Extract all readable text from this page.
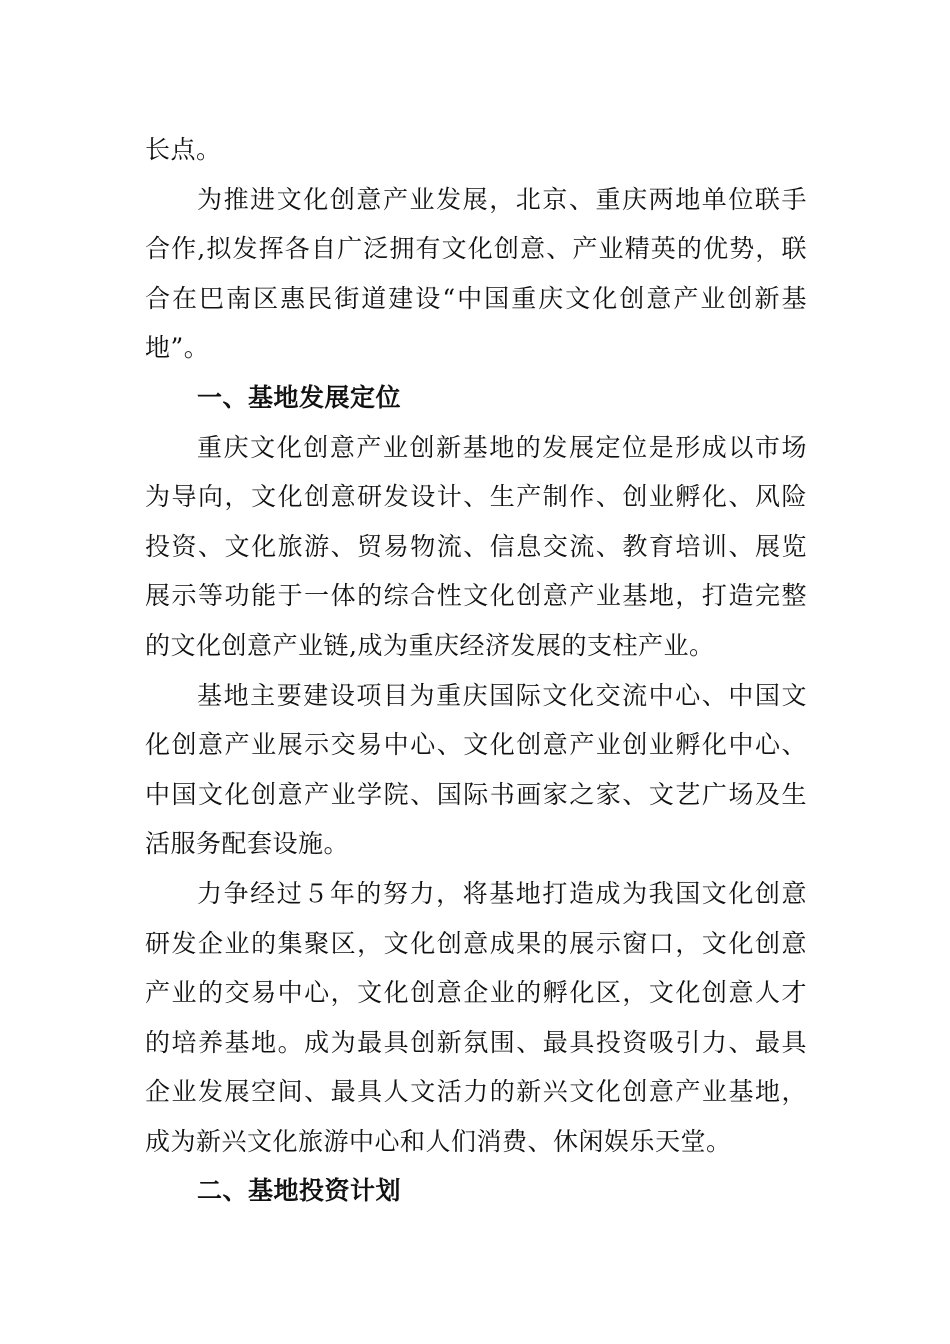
长点。

为推进文化创意产业发展，北京、重庆两地单位联手合作,拟发挥各自广泛拥有文化创意、产业精英的优势，联合在巴南区惠民街道建设“中国重庆文化创意产业创新基地”。

一、基地发展定位

重庆文化创意产业创新基地的发展定位是形成以市场为导向，文化创意研发设计、生产制作、创业孵化、风险投资、文化旅游、贸易物流、信息交流、教育培训、展览展示等功能于一体的综合性文化创意产业基地，打造完整的文化创意产业链,成为重庆经济发展的支柱产业。

基地主要建设项目为重庆国际文化交流中心、中国文化创意产业展示交易中心、文化创意产业创业孵化中心、中国文化创意产业学院、国际书画家之家、文艺广场及生活服务配套设施。

力争经过５年的努力，将基地打造成为我国文化创意研发企业的集聚区，文化创意成果的展示窗口，文化创意产业的交易中心，文化创意企业的孵化区，文化创意人才的培养基地。成为最具创新氛围、最具投资吸引力、最具企业发展空间、最具人文活力的新兴文化创意产业基地，成为新兴文化旅游中心和人们消费、休闲娱乐天堂。

二、基地投资计划
